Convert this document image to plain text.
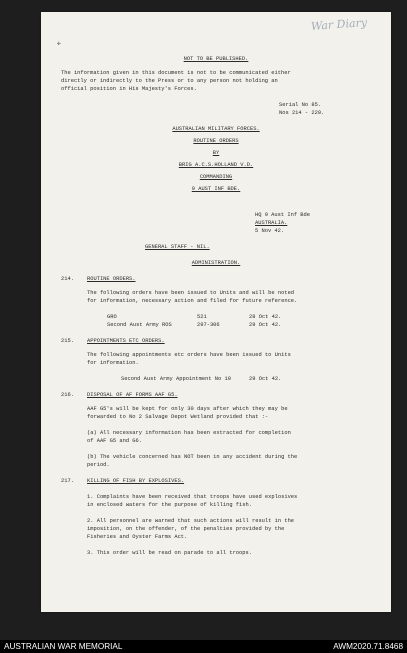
War Diary
✢
NOT TO BE PUBLISHED.
The information given in this document is not to be communicated either
directly or indirectly to the Press or to any person not holding an
official position in His Majesty's Forces.
Serial No 85.
Nos 214 - 220.
AUSTRALIAN MILITARY FORCES.
ROUTINE ORDERS
BY
BRIG A.C.S.HOLLAND V.D.
COMMANDING
9 AUST INF BDE.
HQ 9 Aust Inf Bde
AUSTRALIA.
5 Nov 42.
GENERAL STAFF - NIL.
ADMINISTRATION.
214. ROUTINE ORDERS.
The following orders have been issued to Units and will be noted
for information, necessary action and filed for future reference.
GRO	521	28 Oct 42.
Second Aust Army ROS	297-306	29 Oct 42.
215. APPOINTMENTS ETC ORDERS.
The following appointments etc orders have been issued to Units
for information.
Second Aust Army Appointment No 10	29 Oct 42.
216. DISPOSAL OF AF FORMS AAF G5.
AAF G5's will be kept for only 30 days after which they may be
forwarded to No 2 Salvage Depot Wetland provided that :-
(a) All necessary information has been extracted for completion
of AAF G5 and G6.
(b) The vehicle concerned has NOT been in any accident during the
period.
217. KILLING OF FISH BY EXPLOSIVES.
1. Complaints have been received that troops have used explosives
in enclosed waters for the purpose of killing fish.
2. All personnel are warned that such actions will result in the
imposition, on the offender, of the penalties provided by the
Fisheries and Oyster Farms Act.
3. This order will be read on parade to all troops.
AUSTRALIAN WAR MEMORIAL	AWM2020.71.8468
